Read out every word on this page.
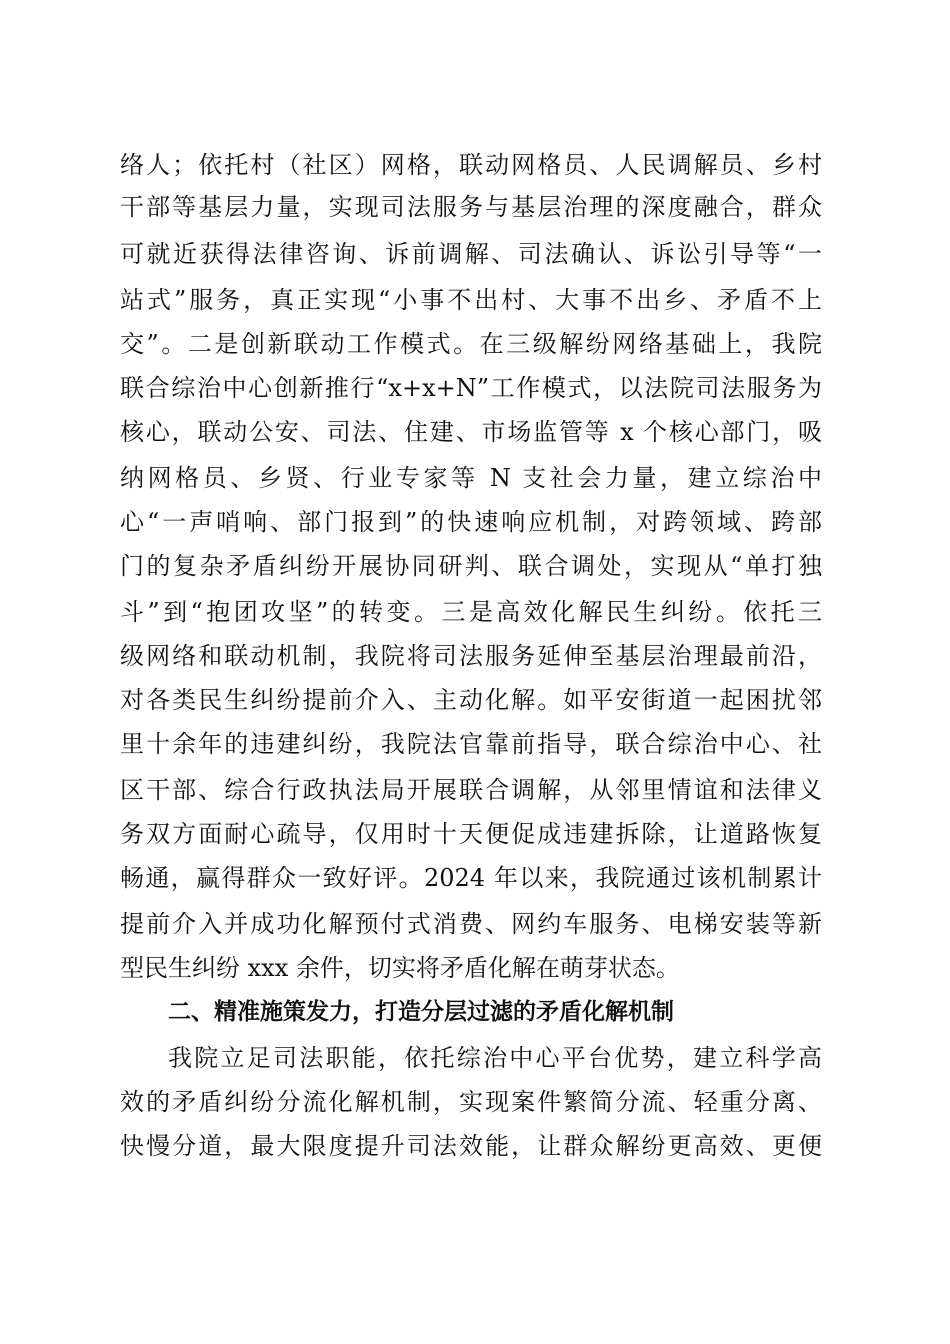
络人；依托村（社区）网格，联动网格员、人民调解员、乡村
干部等基层力量，实现司法服务与基层治理的深度融合，群众
可就近获得法律咨询、诉前调解、司法确认、诉讼引导等“一
站式”服务，真正实现“小事不出村、大事不出乡、矛盾不上
交”。二是创新联动工作模式。在三级解纷网络基础上，我院
联合综治中心创新推行“x+x+N”工作模式，以法院司法服务为
核心，联动公安、司法、住建、市场监管等 x 个核心部门，吸
纳网格员、乡贤、行业专家等 N 支社会力量，建立综治中
心“一声哨响、部门报到”的快速响应机制，对跨领域、跨部
门的复杂矛盾纠纷开展协同研判、联合调处，实现从“单打独
斗”到“抱团攻坚”的转变。三是高效化解民生纠纷。依托三
级网络和联动机制，我院将司法服务延伸至基层治理最前沿，
对各类民生纠纷提前介入、主动化解。如平安街道一起困扰邻
里十余年的违建纠纷，我院法官靠前指导，联合综治中心、社
区干部、综合行政执法局开展联合调解，从邻里情谊和法律义
务双方面耐心疏导，仅用时十天便促成违建拆除，让道路恢复
畅通，赢得群众一致好评。2024 年以来，我院通过该机制累计
提前介入并成功化解预付式消费、网约车服务、电梯安装等新
型民生纠纷 xxx 余件，切实将矛盾化解在萌芽状态。
二、精准施策发力，打造分层过滤的矛盾化解机制
我院立足司法职能，依托综治中心平台优势，建立科学高
效的矛盾纠纷分流化解机制，实现案件繁简分流、轻重分离、
快慢分道，最大限度提升司法效能，让群众解纷更高效、更便
